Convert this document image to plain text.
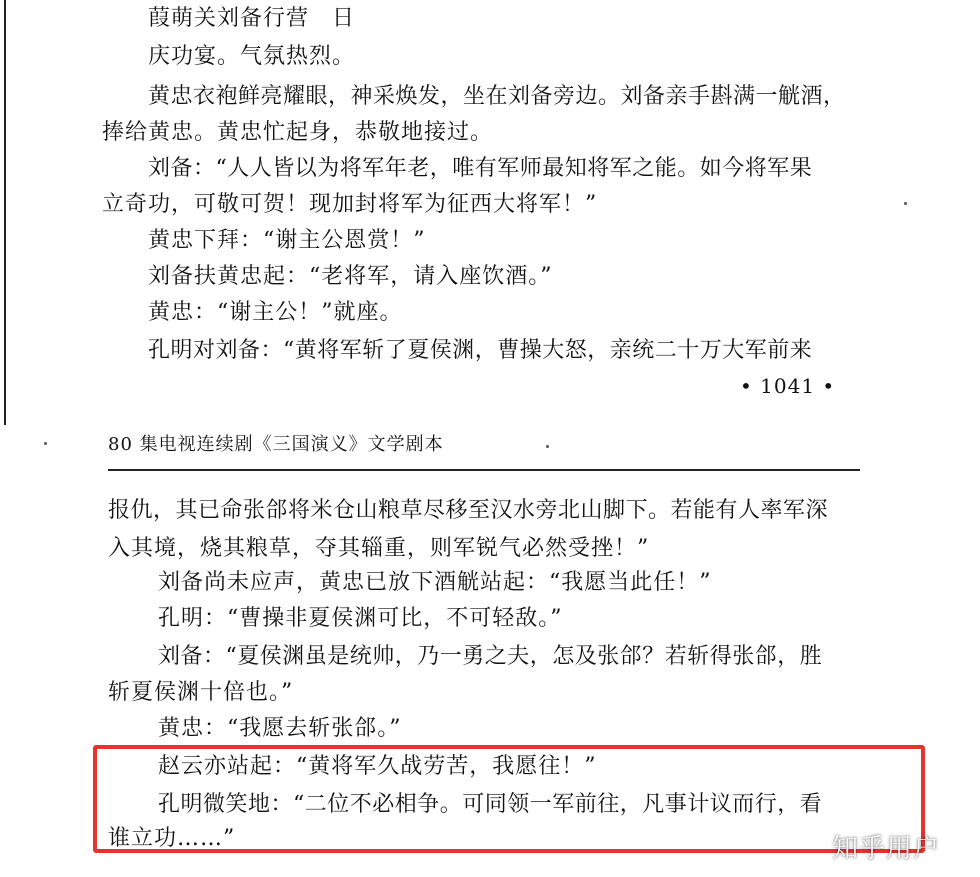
葭萌关刘备行营　日
庆功宴。气氛热烈。
黄忠衣袍鲜亮耀眼，神采焕发，坐在刘备旁边。刘备亲手斟满一觥酒，
捧给黄忠。黄忠忙起身，恭敬地接过。
刘备：“人人皆以为将军年老，唯有军师最知将军之能。如今将军果
立奇功，可敬可贺！现加封将军为征西大将军！”
黄忠下拜：“谢主公恩赏！”
刘备扶黄忠起：“老将军，请入座饮酒。”
黄忠：“谢主公！”就座。
孔明对刘备：“黄将军斩了夏侯渊，曹操大怒，亲统二十万大军前来
• 1041 •
80 集电视连续剧《三国演义》文学剧本
报仇，其已命张郃将米仓山粮草尽移至汉水旁北山脚下。若能有人率军深
入其境，烧其粮草，夺其辎重，则军锐气必然受挫！”
刘备尚未应声，黄忠已放下酒觥站起：“我愿当此任！”
孔明：“曹操非夏侯渊可比，不可轻敌。”
刘备：“夏侯渊虽是统帅，乃一勇之夫，怎及张郃？若斩得张郃，胜
斩夏侯渊十倍也。”
黄忠：“我愿去斩张郃。”
赵云亦站起：“黄将军久战劳苦，我愿往！”
孔明微笑地：“二位不必相争。可同领一军前往，凡事计议而行，看
谁立功……”	知乎用户
